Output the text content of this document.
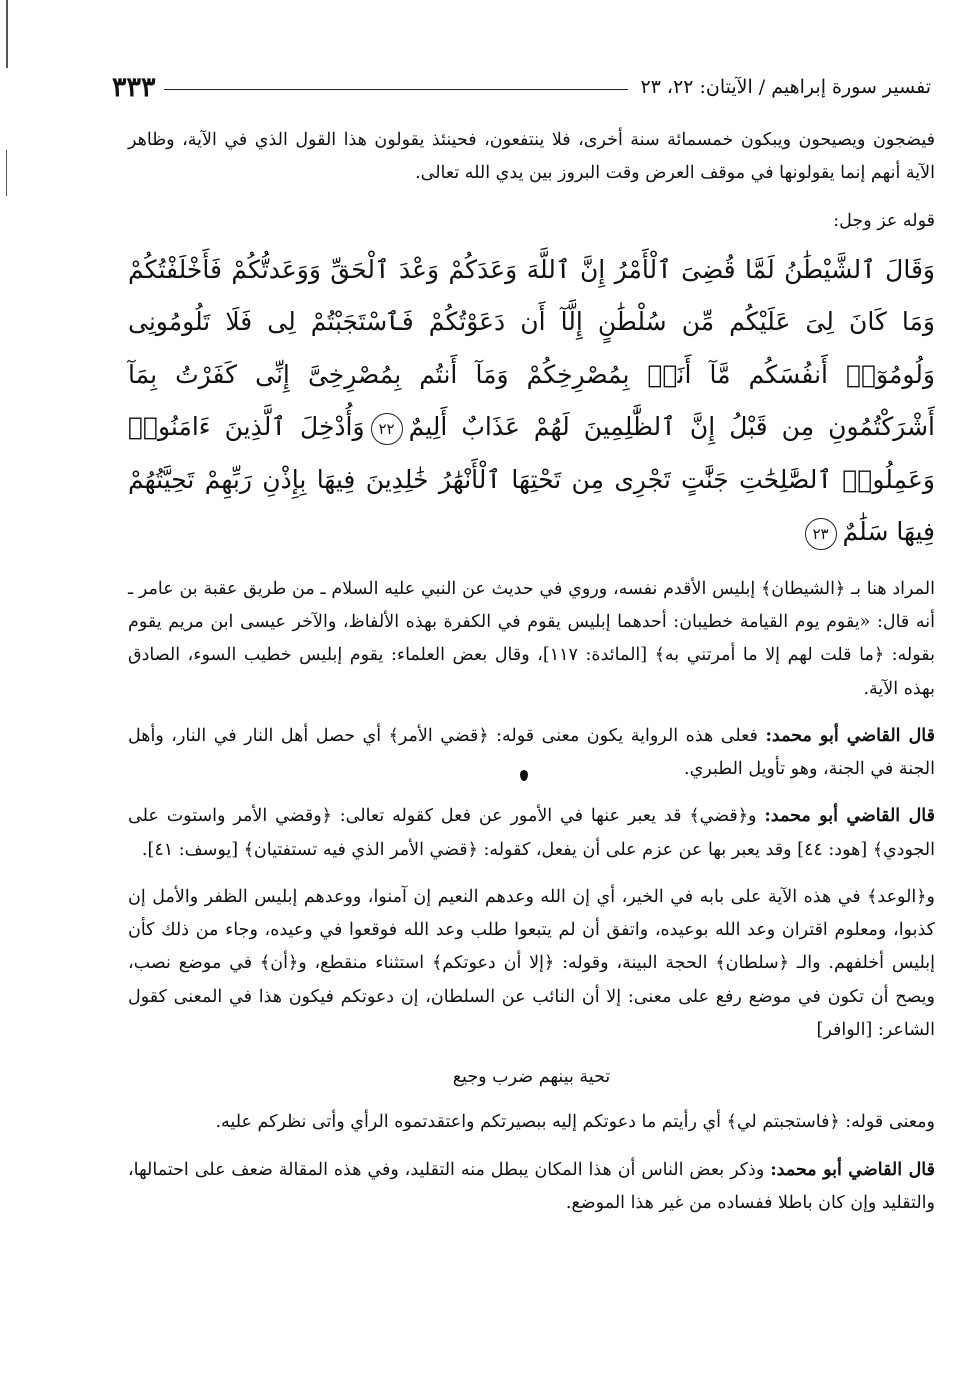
تفسير سورة إبراهيم / الآيتان: ٢٢، ٢٣
٣٣٣

فيضجون ويصيحون ويبكون خمسمائة سنة أخرى، فلا ينتفعون، فحينئذ يقولون هذا القول الذي في الآية، وظاهر الآية أنهم إنما يقولونها في موقف العرض وقت البروز بين يدي الله تعالى.

قوله عز وجل:

وَقَالَ ٱلشَّيْطَٰنُ لَمَّا قُضِىَ ٱلْأَمْرُ إِنَّ ٱللَّهَ وَعَدَكُمْ وَعْدَ ٱلْحَقِّ وَوَعَدتُّكُمْ فَأَخْلَفْتُكُمْ وَمَا كَانَ لِىَ عَلَيْكُم مِّن سُلْطَٰنٍ إِلَّآ أَن دَعَوْتُكُمْ فَٱسْتَجَبْتُمْ لِى فَلَا تَلُومُونِى وَلُومُوٓا۟ أَنفُسَكُم مَّآ أَنَا۠ بِمُصْرِخِكُمْ وَمَآ أَنتُم بِمُصْرِخِىَّ إِنِّى كَفَرْتُ بِمَآ أَشْرَكْتُمُونِ مِن قَبْلُ إِنَّ ٱلظَّٰلِمِينَ لَهُمْ عَذَابٌ أَلِيمٌ٢٢وَأُدْخِلَ ٱلَّذِينَ ءَامَنُوا۟ وَعَمِلُوا۟ ٱلصَّٰلِحَٰتِ جَنَّٰتٍ تَجْرِى مِن تَحْتِهَا ٱلْأَنْهَٰرُ خَٰلِدِينَ فِيهَا بِإِذْنِ رَبِّهِمْ تَحِيَّتُهُمْ فِيهَا سَلَٰمٌ٢٣

المراد هنا بـ ﴿الشيطان﴾ إبليس الأقدم نفسه، وروي في حديث عن النبي عليه السلام ـ من طريق عقبة بن عامر ـ أنه قال: «يقوم يوم القيامة خطيبان: أحدهما إبليس يقوم في الكفرة بهذه الألفاظ، والآخر عيسى ابن مريم يقوم بقوله: ﴿ما قلت لهم إلا ما أمرتني به﴾ [المائدة: ١١٧]، وقال بعض العلماء: يقوم إبليس خطيب السوء، الصادق بهذه الآية.

قال القاضي أبو محمد: فعلى هذه الرواية يكون معنى قوله: ﴿قضي الأمر﴾ أي حصل أهل النار في النار، وأهل الجنة في الجنة، وهو تأويل الطبري.

قال القاضي أبو محمد: و﴿قضي﴾ قد يعبر عنها في الأمور عن فعل كقوله تعالى: ﴿وقضي الأمر واستوت على الجودي﴾ [هود: ٤٤] وقد يعبر بها عن عزم على أن يفعل، كقوله: ﴿قضي الأمر الذي فيه تستفتيان﴾ [يوسف: ٤١].

و﴿الوعد﴾ في هذه الآية على بابه في الخير، أي إن الله وعدهم النعيم إن آمنوا، ووعدهم إبليس الظفر والأمل إن كذبوا، ومعلوم اقتران وعد الله بوعيده، واتفق أن لم يتبعوا طلب وعد الله فوقعوا في وعيده، وجاء من ذلك كأن إبليس أخلفهم. والـ ﴿سلطان﴾ الحجة البينة، وقوله: ﴿إلا أن دعوتكم﴾ استثناء منقطع، و﴿أن﴾ في موضع نصب، ويصح أن تكون في موضع رفع على معنى: إلا أن النائب عن السلطان، إن دعوتكم فيكون هذا في المعنى كقول الشاعر: [الوافر]

تحية بينهم ضرب وجيع

ومعنى قوله: ﴿فاستجبتم لي﴾ أي رأيتم ما دعوتكم إليه ببصيرتكم واعتقدتموه الرأي وأتى نظركم عليه.

قال القاضي أبو محمد: وذكر بعض الناس أن هذا المكان يبطل منه التقليد، وفي هذه المقالة ضعف على احتمالها، والتقليد وإن كان باطلا ففساده من غير هذا الموضع.
